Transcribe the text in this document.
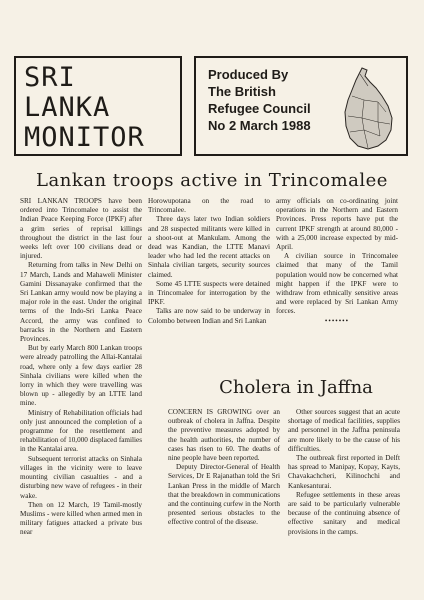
SRI
LANKA
MONITOR
Produced By
The British
Refugee Council
No 2 March 1988
Lankan troops active in Trincomalee

SRI LANKAN TROOPS have been ordered into Trincomalee to assist the Indian Peace Keeping Force (IPKF) after a grim series of reprisal killings throughout the district in the last four weeks left over 100 civilians dead or injured.

Returning from talks in New Delhi on 17 March, Lands and Mahaweli Minister Gamini Dissanayake confirmed that the Sri Lankan army would now be playing a major role in the east. Under the original terms of the Indo-Sri Lanka Peace Accord, the army was confined to barracks in the Northern and Eastern Provinces.

But by early March 800 Lankan troops were already patrolling the Allai-Kantalai road, where only a few days earlier 28 Sinhala civilians were killed when the lorry in which they were travelling was blown up - allegedly by an LTTE land mine.

Ministry of Rehabilitation officials had only just announced the completion of a programme for the resettlement and rehabilitation of 10,000 displaced families in the Kantalai area.

Subsequent terrorist attacks on Sinhala villages in the vicinity were to leave mounting civilian casualties - and a disturbing new wave of refugees - in their wake.

Then on 12 March, 19 Tamil-mostly Muslims - were killed when armed men in military fatigues attacked a private bus near

Horowupotana on the road to Trincomalee.

Three days later two Indian soldiers and 28 suspected militants were killed in a shoot-out at Mankulam. Among the dead was Kandian, the LTTE Manavi leader who had led the recent attacks on Sinhala civilian targets, security sources claimed.

Some 45 LTTE suspects were detained in Trincomalee for interrogation by the IPKF.

Talks are now said to be underway in Colombo between Indian and Sri Lankan

army officials on co-ordinating joint operations in the Northern and Eastern Provinces. Press reports have put the current IPKF strength at around 80,000 - with a 25,000 increase expected by mid-April.

A civilian source in Trincomalee claimed that many of the Tamil population would now be concerned what might happen if the IPKF were to withdraw from ethnically sensitive areas and were replaced by Sri Lankan Army forces.

•••••••
Cholera in Jaffna

CONCERN IS GROWING over an outbreak of cholera in Jaffna. Despite the preventive measures adopted by the health authorities, the number of cases has risen to 60. The deaths of nine people have been reported.

Deputy Director-General of Health Services, Dr E Rajanathan told the Sri Lankan Press in the middle of March that the breakdown in communications and the continuing curfew in the North presented serious obstacles to the effective control of the disease.

Other sources suggest that an acute shortage of medical facilities, supplies and personnel in the Jaffna peninsula are more likely to be the cause of his difficulties.

The outbreak first reported in Delft has spread to Manipay, Kopay, Kayts, Chavakachcheri, Kilinochchi and Kankesanturai.

Refugee settlements in these areas are said to be particularly vulnerable because of the continuing absence of effective sanitary and medical provisions in the camps.
